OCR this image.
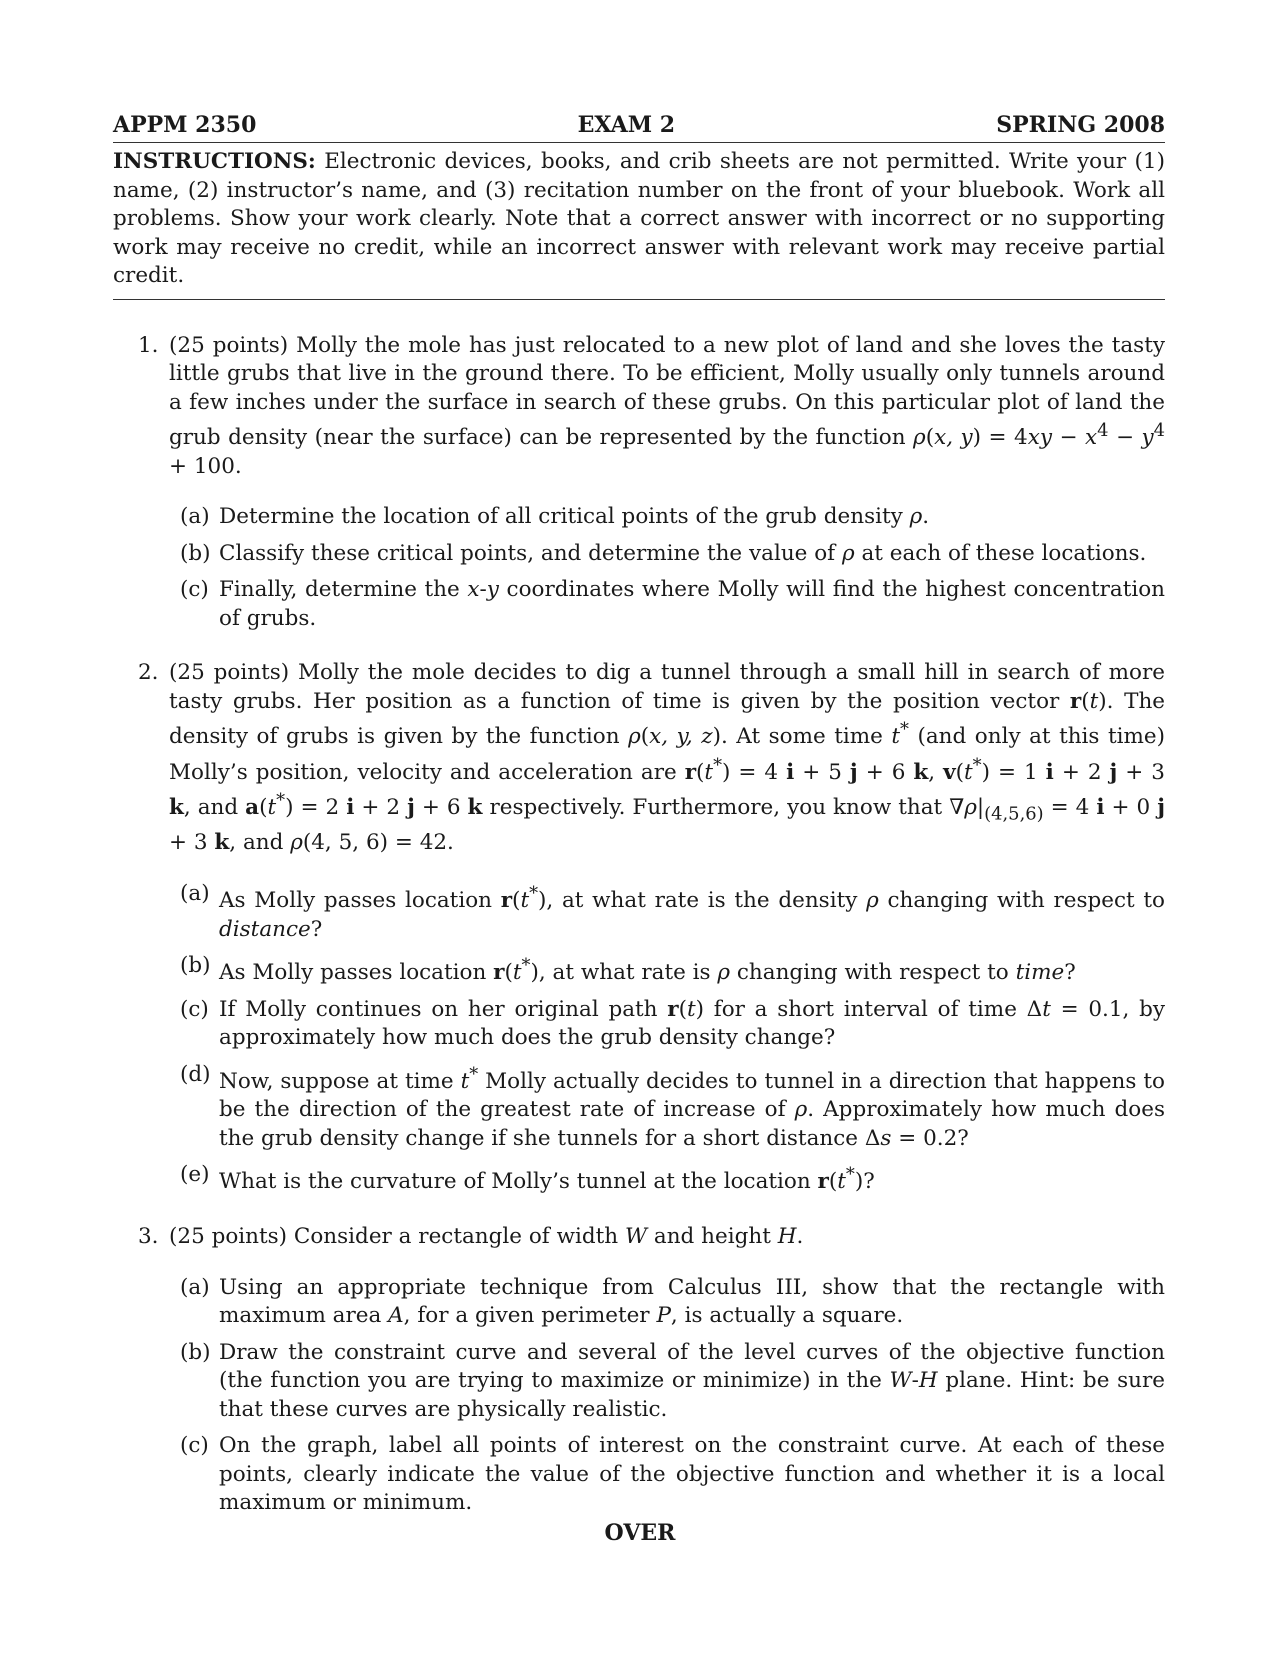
APPM 2350	EXAM 2	SPRING 2008
INSTRUCTIONS: Electronic devices, books, and crib sheets are not permitted. Write your (1) name, (2) instructor’s name, and (3) recitation number on the front of your bluebook. Work all problems. Show your work clearly. Note that a correct answer with incorrect or no supporting work may receive no credit, while an incorrect answer with relevant work may receive partial credit.
1. (25 points) Molly the mole has just relocated to a new plot of land and she loves the tasty little grubs that live in the ground there. To be efficient, Molly usually only tunnels around a few inches under the surface in search of these grubs. On this particular plot of land the grub density (near the surface) can be represented by the function ρ(x, $y) = 4xy - x^4 - y^4 + 100$.
(a) Determine the location of all critical points of the grub density ρ.
(b) Classify these critical points, and determine the value of ρ at each of these locations.
(c) Finally, determine the x-y coordinates where Molly will find the highest concentration of grubs.
2. (25 points) Molly the mole decides to dig a tunnel through a small hill in search of more tasty grubs. Her position as a function of time is given by the position vector r(t). The density of grubs is given by the function ρ(x, y, z). At some time t* (and only at this time) Molly’s position, velocity and acceleration are r(t*) = 4 i + 5 j + 6 k, v(t*) = 1 i + 2 j + 3 k, and a(t*) = 2 i + 2 j + 6 k respectively. Furthermore, you know that $\nabla\rho|_{(4,5,6)} = 4$ i + 0 j + 3 k, and ρ(4, 5, 6) = 42.
(a) As Molly passes location r(t*), at what rate is the density ρ changing with respect to distance?
(b) As Molly passes location r(t*), at what rate is ρ changing with respect to time?
(c) If Molly continues on her original path r(t) for a short interval of time Δt = 0.1, by approximately how much does the grub density change?
(d) Now, suppose at time t* Molly actually decides to tunnel in a direction that happens to be the direction of the greatest rate of increase of ρ. Approximately how much does the grub density change if she tunnels for a short distance Δs = 0.2?
(e) What is the curvature of Molly’s tunnel at the location r(t*)?
3. (25 points) Consider a rectangle of width W and height H.
(a) Using an appropriate technique from Calculus III, show that the rectangle with maximum area A, for a given perimeter P, is actually a square.
(b) Draw the constraint curve and several of the level curves of the objective function (the function you are trying to maximize or minimize) in the W-H plane. Hint: be sure that these curves are physically realistic.
(c) On the graph, label all points of interest on the constraint curve. At each of these points, clearly indicate the value of the objective function and whether it is a local maximum or minimum.
OVER
